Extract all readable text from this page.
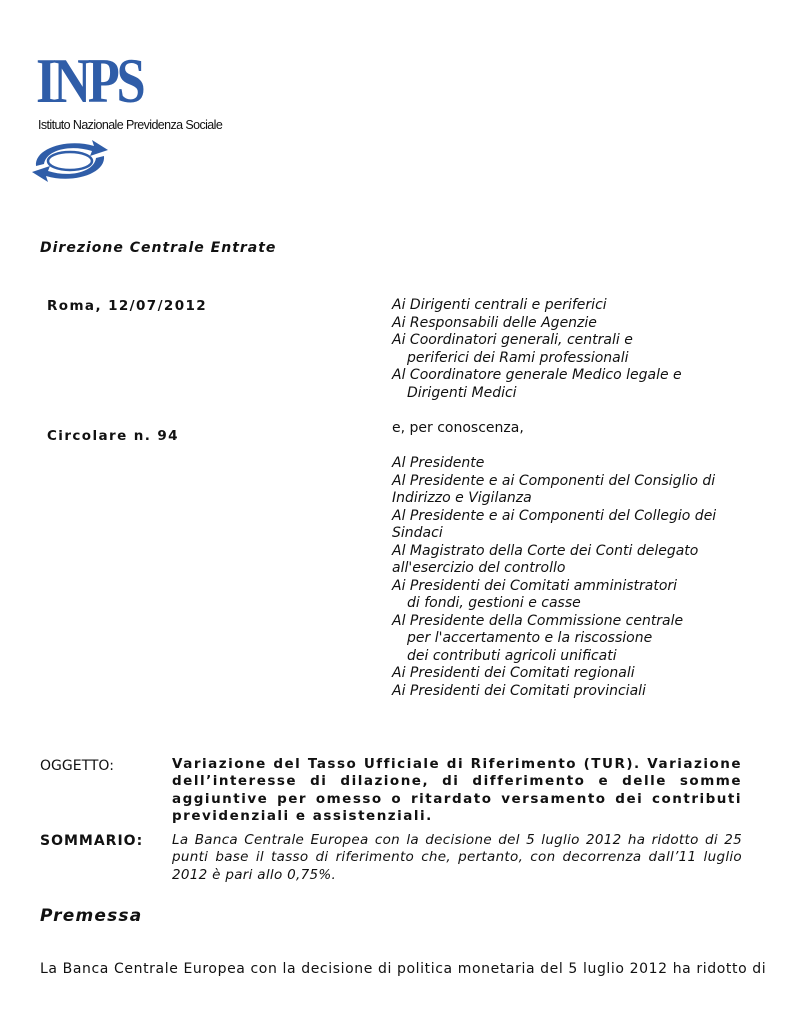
INPS
Istituto Nazionale Previdenza Sociale
Direzione Centrale Entrate
Roma, 12/07/2012
Circolare n. 94
Ai Dirigenti centrali e periferici
Ai Responsabili delle Agenzie
Ai Coordinatori generali, centrali e
periferici dei Rami professionali
Al Coordinatore generale Medico legale e
Dirigenti Medici
e, per conoscenza,
Al Presidente
Al Presidente e ai Componenti del Consiglio di
Indirizzo e Vigilanza
Al Presidente e ai Componenti del Collegio dei
Sindaci
Al Magistrato della Corte dei Conti delegato
all'esercizio del controllo
Ai Presidenti dei Comitati amministratori
di fondi, gestioni e casse
Al Presidente della Commissione centrale
per l'accertamento e la riscossione
dei contributi agricoli unificati
Ai Presidenti dei Comitati regionali
Ai Presidenti dei Comitati provinciali
OGGETTO:	Variazione del Tasso Ufficiale di Riferimento (TUR). Variazione dell’interesse di dilazione, di differimento e delle somme aggiuntive per omesso o ritardato versamento dei contributi previdenziali e assistenziali.
SOMMARIO: La Banca Centrale Europea con la decisione del 5 luglio 2012 ha ridotto di 25 punti base il tasso di riferimento che, pertanto, con decorrenza dall’11 luglio 2012 è pari allo 0,75%.
Premessa
La Banca Centrale Europea con la decisione di politica monetaria del 5 luglio 2012 ha ridotto di
